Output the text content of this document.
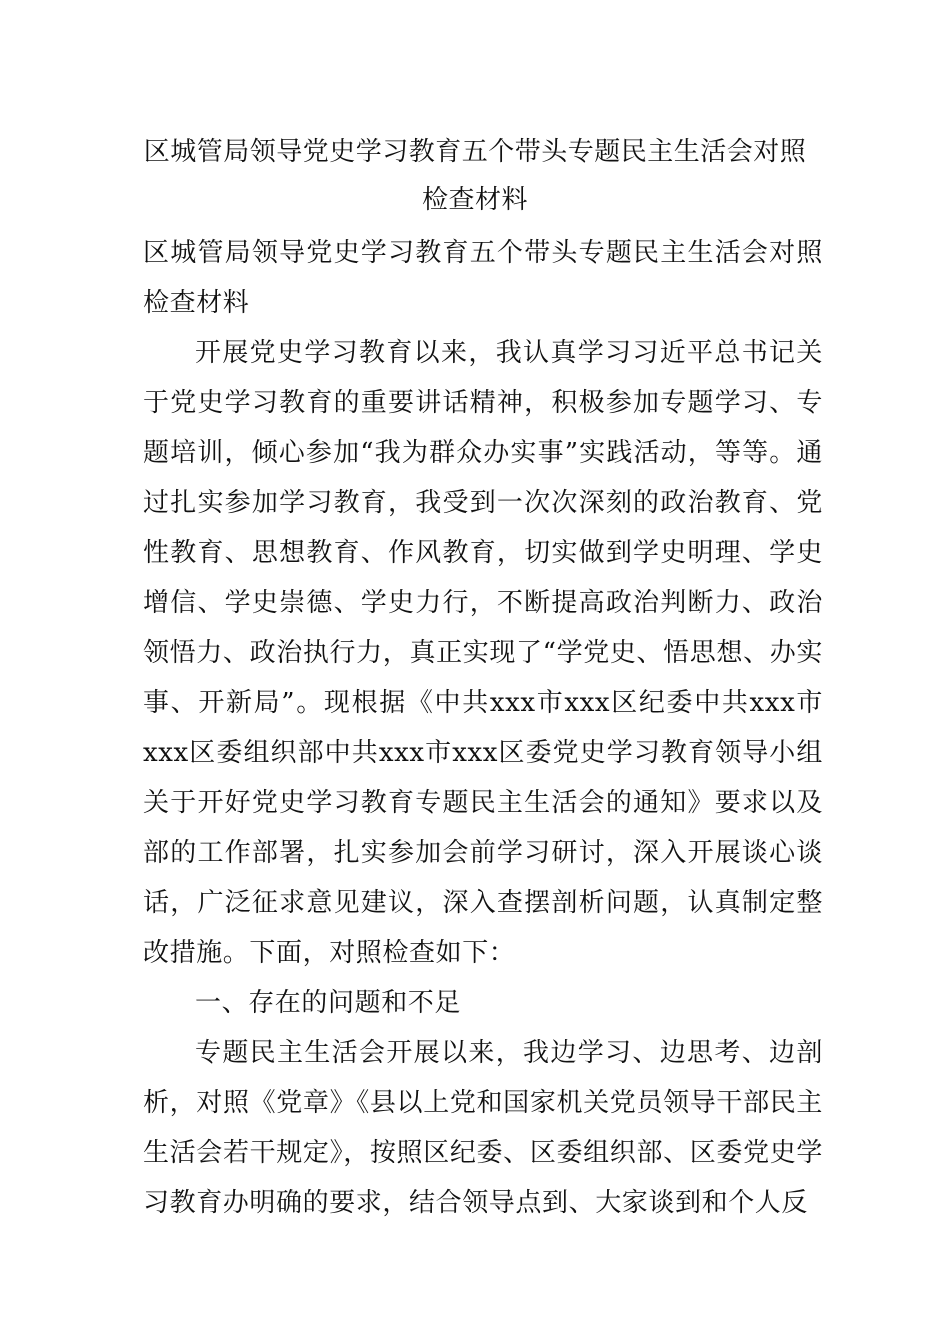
区城管局领导党史学习教育五个带头专题民主生活会对照
检查材料

区城管局领导党史学习教育五个带头专题民主生活会对照检查材料

开展党史学习教育以来，我认真学习习近平总书记关于党史学习教育的重要讲话精神，积极参加专题学习、专题培训，倾心参加“我为群众办实事”实践活动，等等。通过扎实参加学习教育，我受到一次次深刻的政治教育、党性教育、思想教育、作风教育，切实做到学史明理、学史增信、学史崇德、学史力行，不断提高政治判断力、政治领悟力、政治执行力，真正实现了“学党史、悟思想、办实事、开新局”。现根据《中共xxx市xxx区纪委中共xxx市xxx区委组织部中共xxx市xxx区委党史学习教育领导小组关于开好党史学习教育专题民主生活会的通知》要求以及部的工作部署，扎实参加会前学习研讨，深入开展谈心谈话，广泛征求意见建议，深入查摆剖析问题，认真制定整改措施。下面，对照检查如下：

一、存在的问题和不足

专题民主生活会开展以来，我边学习、边思考、边剖析，对照《党章》《县以上党和国家机关党员领导干部民主生活会若干规定》，按照区纪委、区委组织部、区委党史学习教育办明确的要求，结合领导点到、大家谈到和个人反
